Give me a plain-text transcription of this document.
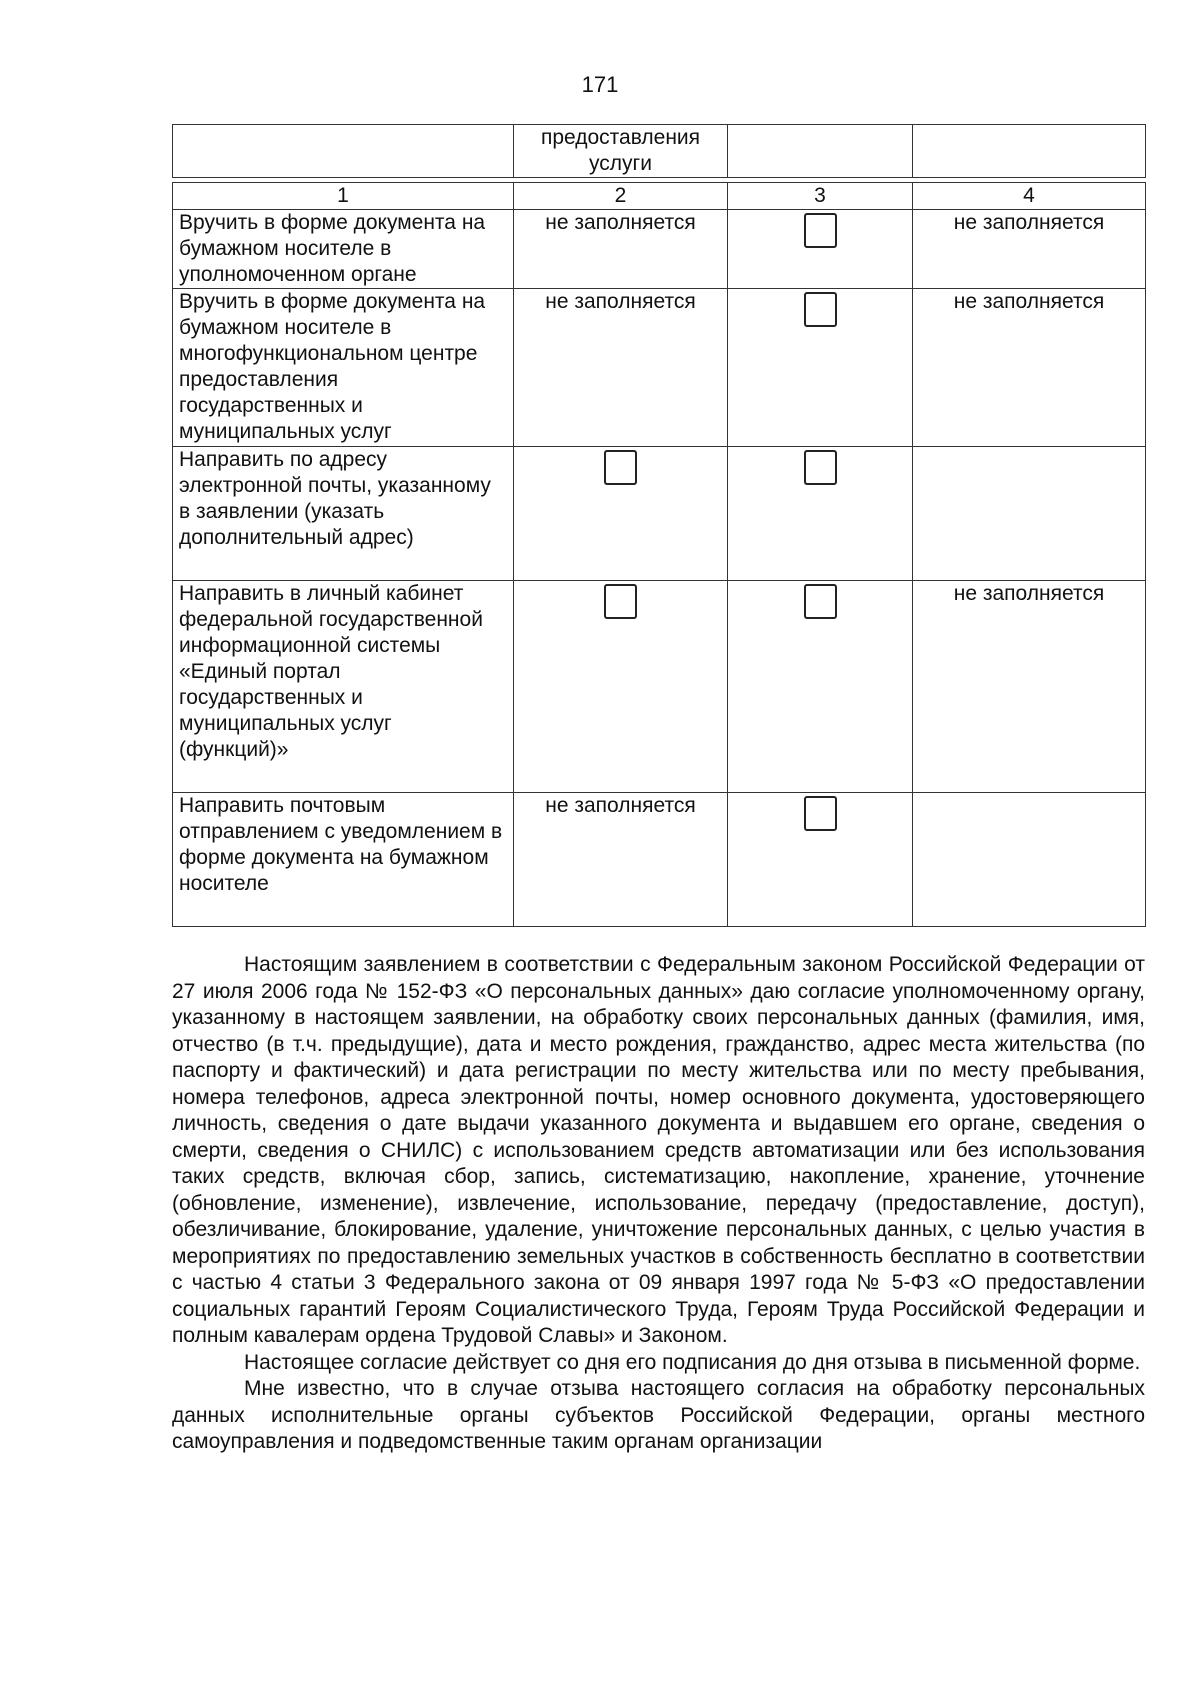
171
	предоставления услуги		
1	2	3	4
Вручить в форме документа на бумажном носителе в уполномоченном органе	не заполняется		не заполняется
Вручить в форме документа на бумажном носителе в многофункциональном центре предоставления государственных и муниципальных услуг	не заполняется		не заполняется
Направить по адресу электронной почты, указанному в заявлении (указать дополнительный адрес)	

Направить в личный кабинет федеральной государственной информационной системы «Единый портал государственных и муниципальных услуг (функций)»			не заполняется
Направить почтовым отправлением с уведомлением в форме документа на бумажном носителе	не заполняется	

Настоящим заявлением в соответствии с Федеральным законом Российской Федерации от 27 июля 2006 года № 152-ФЗ «О персональных данных» даю согласие уполномоченному органу, указанному в настоящем заявлении, на обработку своих персональных данных (фамилия, имя, отчество (в т.ч. предыдущие), дата и место рождения, гражданство, адрес места жительства (по паспорту и фактический) и дата регистрации по месту жительства или по месту пребывания, номера телефонов, адреса электронной почты, номер основного документа, удостоверяющего личность, сведения о дате выдачи указанного документа и выдавшем его органе, сведения о смерти, сведения о СНИЛС) с использованием средств автоматизации или без использования таких средств, включая сбор, запись, систематизацию, накопление, хранение, уточнение (обновление, изменение), извлечение, использование, передачу (предоставление, доступ), обезличивание, блокирование, удаление, уничтожение персональных данных, с целью участия в мероприятиях по предоставлению земельных участков в собственность бесплатно в соответствии с частью 4 статьи 3 Федерального закона от 09 января 1997 года № 5-ФЗ «О предоставлении социальных гарантий Героям Социалистического Труда, Героям Труда Российской Федерации и полным кавалерам ордена Трудовой Славы» и Законом.

Настоящее согласие действует со дня его подписания до дня отзыва в письменной форме.

Мне известно, что в случае отзыва настоящего согласия на обработку персональных данных исполнительные органы субъектов Российской Федерации, органы местного самоуправления и подведомственные таким органам организации
